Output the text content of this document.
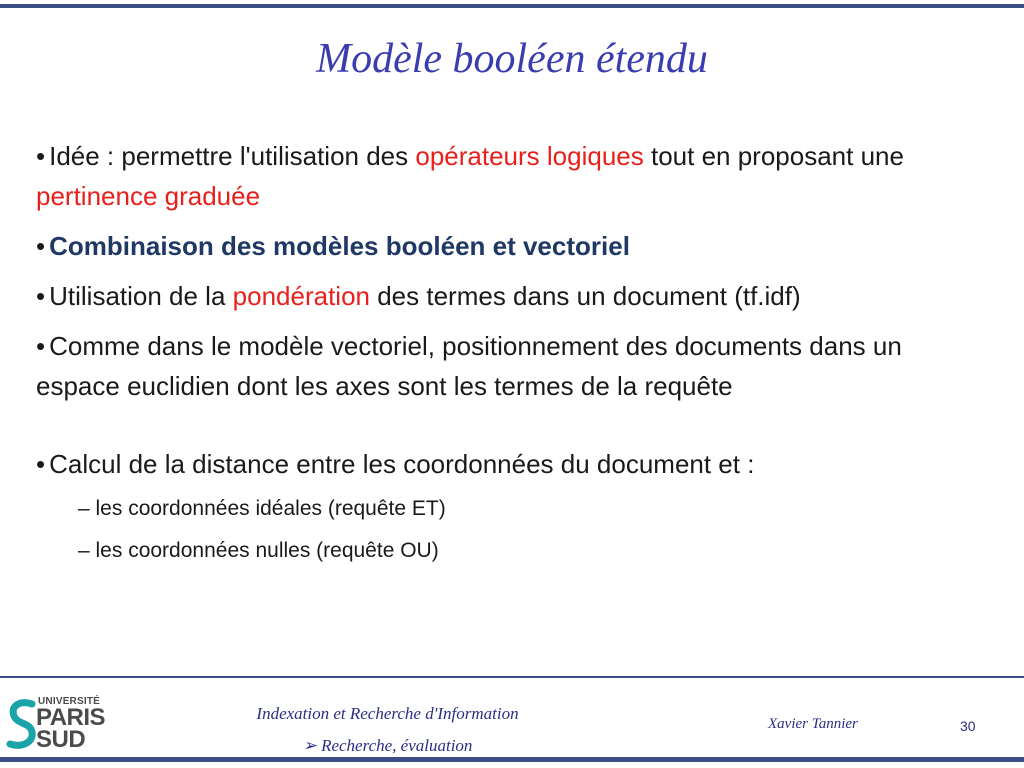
Modèle booléen étendu
• Idée : permettre l'utilisation des opérateurs logiques tout en proposant une pertinence graduée
• Combinaison des modèles booléen et vectoriel
• Utilisation de la pondération des termes dans un document (tf.idf)
• Comme dans le modèle vectoriel, positionnement des documents dans un espace euclidien dont les axes sont les termes de la requête
• Calcul de la distance entre les coordonnées du document et :
– les coordonnées idéales (requête ET)
– les coordonnées nulles (requête OU)
UNIVERSITÉ
PARIS
SUD
Indexation et Recherche d'Information
➢ Recherche, évaluation
Xavier Tannier	30
